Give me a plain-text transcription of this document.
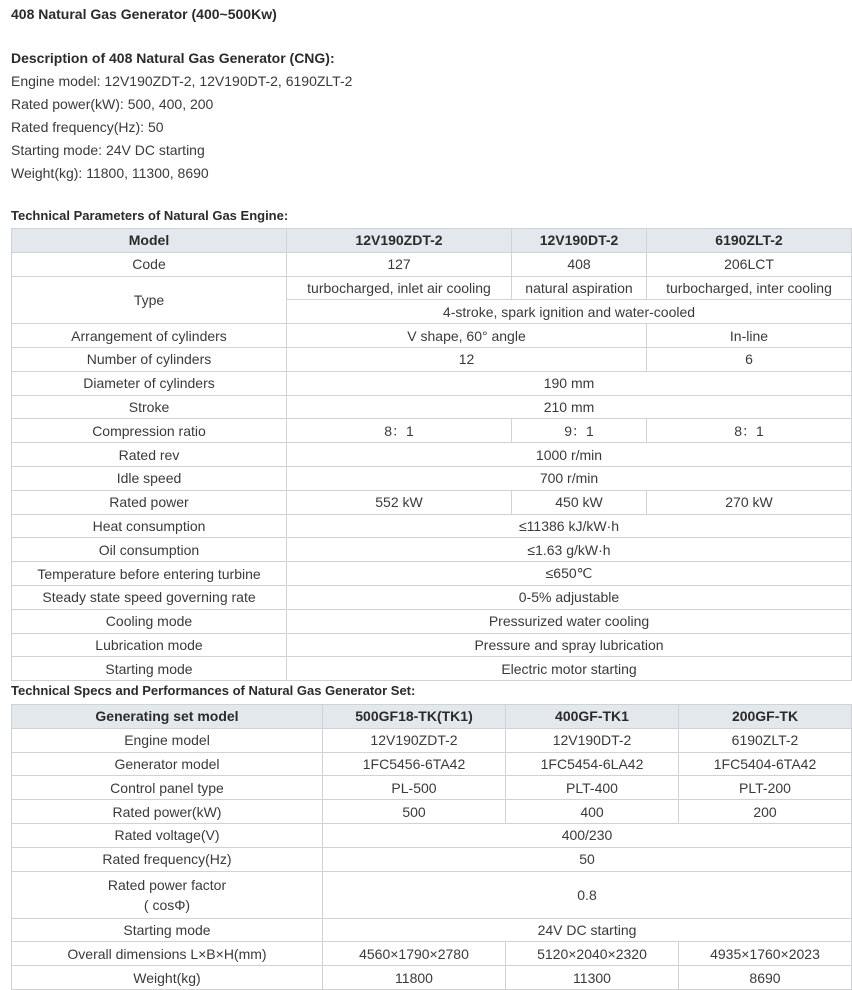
408 Natural Gas Generator (400~500Kw)
Description of 408 Natural Gas Generator (CNG):
Engine model: 12V190ZDT-2, 12V190DT-2, 6190ZLT-2
Rated power(kW): 500, 400, 200
Rated frequency(Hz): 50
Starting mode: 24V DC starting
Weight(kg): 11800, 11300, 8690
Technical Parameters of Natural Gas Engine:
Model	12V190ZDT-2	12V190DT-2	6190ZLT-2
Code	127	408	206LCT
Type	turbocharged, inlet air cooling	natural aspiration	turbocharged, inter cooling
	4-stroke, spark ignition and water-cooled		
Arrangement of cylinders	V shape, 60° angle		In-line
Number of cylinders	12		6
Diameter of cylinders	190 mm		
Stroke	210 mm		
Compression ratio	8：1	9：1	8：1
Rated rev	1000 r/min		
Idle speed	700 r/min		
Rated power	552 kW	450 kW	270 kW
Heat consumption	≤11386 kJ/kW·h		
Oil consumption	≤1.63 g/kW·h		
Temperature before entering turbine	≤650℃		
Steady state speed governing rate	0-5% adjustable		
Cooling mode	Pressurized water cooling		
Lubrication mode	Pressure and spray lubrication		
Starting mode	Electric motor starting		
Technical Specs and Performances of Natural Gas Generator Set:
Generating set model	500GF18-TK(TK1)	400GF-TK1	200GF-TK
Engine model	12V190ZDT-2	12V190DT-2	6190ZLT-2
Generator model	1FC5456-6TA42	1FC5454-6LA42	1FC5404-6TA42
Control panel type	PL-500	PLT-400	PLT-200
Rated power(kW)	500	400	200
Rated voltage(V)	400/230		
Rated frequency(Hz)	50		

Rated power factor
( cosΦ)	0.8		
Starting mode	24V DC starting		
Overall dimensions L×B×H(mm)	4560×1790×2780	5120×2040×2320	4935×1760×2023
Weight(kg)	11800	11300	8690
